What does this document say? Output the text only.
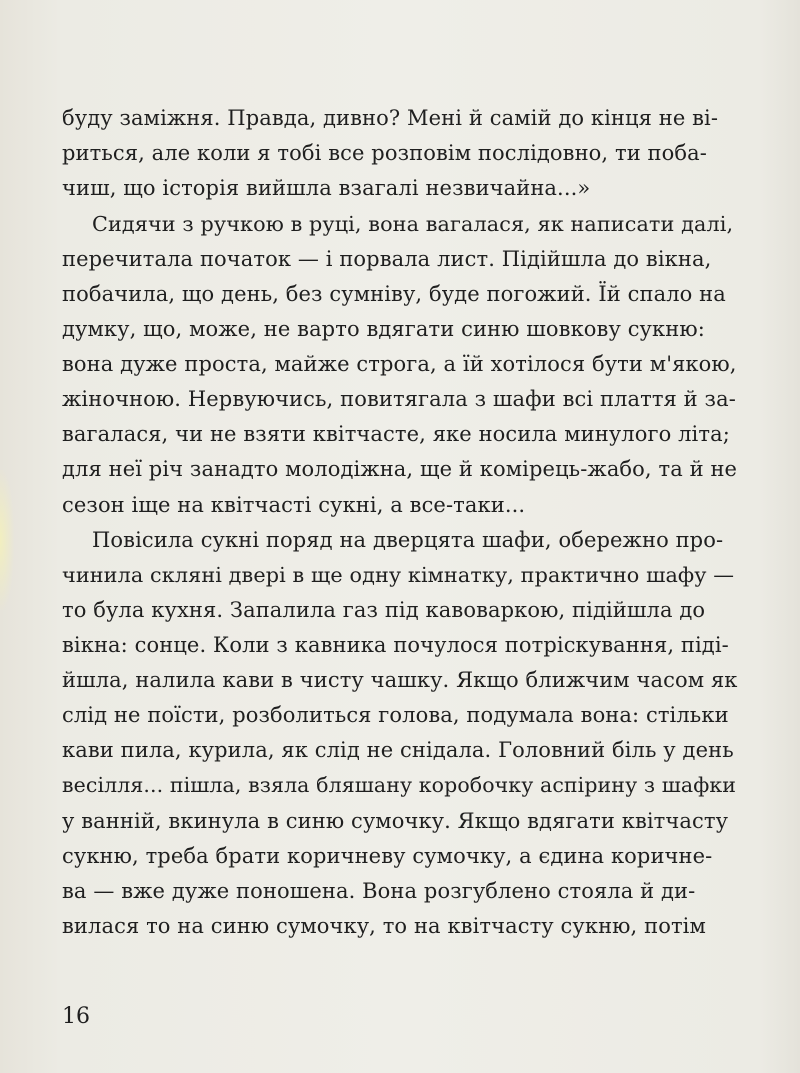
буду заміжня. Правда, дивно? Мені й самій до кінця не ві-
риться, але коли я тобі все розповім послідовно, ти поба-
чиш, що історія вийшла взагалі незвичайна...»
Сидячи з ручкою в руці, вона вагалася, як написати далі,
перечитала початок — і порвала лист. Підійшла до вікна,
побачила, що день, без сумніву, буде погожий. Їй спало на
думку, що, може, не варто вдягати синю шовкову сукню:
вона дуже проста, майже строга, а їй хотілося бути м'якою,
жіночною. Нервуючись, повитягала з шафи всі плаття й за-
вагалася, чи не взяти квітчасте, яке носила минулого літа;
для неї річ занадто молодіжна, ще й комірець-жабо, та й не
сезон іще на квітчасті сукні, а все-таки...
Повісила сукні поряд на дверцята шафи, обережно про-
чинила скляні двері в ще одну кімнатку, практично шафу —
то була кухня. Запалила газ під кавоваркою, підійшла до
вікна: сонце. Коли з кавника почулося потріскування, піді-
йшла, налила кави в чисту чашку. Якщо ближчим часом як
слід не поїсти, розболиться голова, подумала вона: стільки
кави пила, курила, як слід не снідала. Головний біль у день
весілля... пішла, взяла бляшану коробочку аспірину з шафки
у ванній, вкинула в синю сумочку. Якщо вдягати квітчасту
сукню, треба брати коричневу сумочку, а єдина коричне-
ва — вже дуже поношена. Вона розгублено стояла й ди-
вилася то на синю сумочку, то на квітчасту сукню, потім
16
